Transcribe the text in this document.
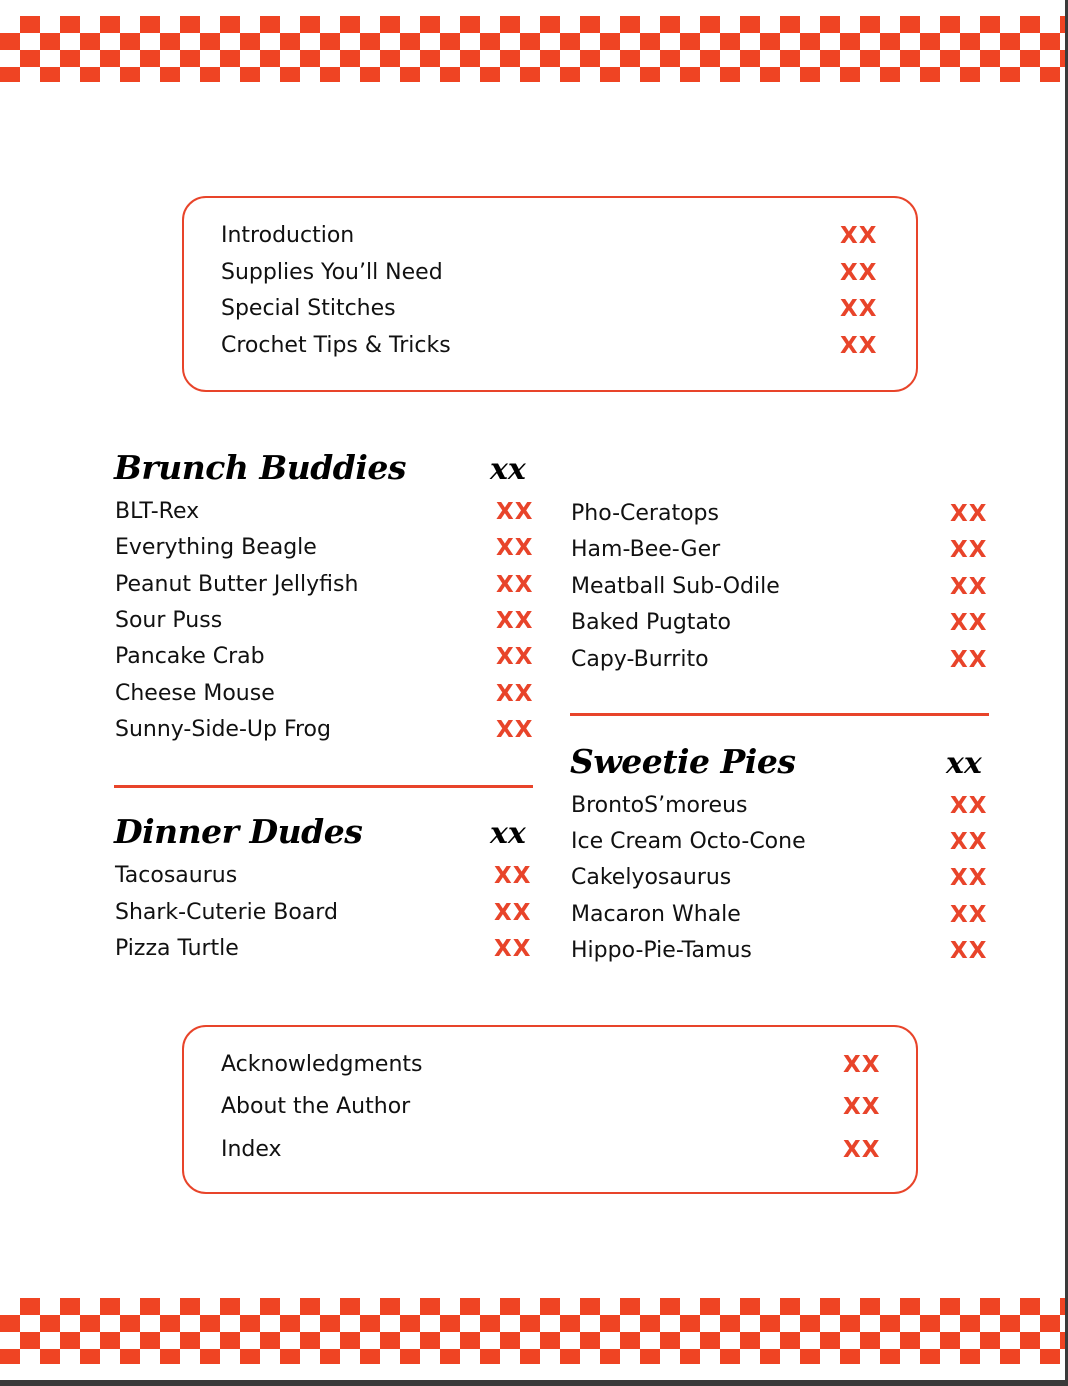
Introduction	XX
Supplies You’ll Need	XX
Special Stitches	XX
Crochet Tips & Tricks	XX
Brunch Buddies	xx
BLT-Rex	XX
Everything Beagle	XX
Peanut Butter Jellyfish	XX
Sour Puss	XX
Pancake Crab	XX
Cheese Mouse	XX
Sunny-Side-Up Frog	XX
Dinner Dudes	xx
Tacosaurus	XX
Shark-Cuterie Board	XX
Pizza Turtle	XX
Pho-Ceratops	XX
Ham-Bee-Ger	XX
Meatball Sub-Odile	XX
Baked Pugtato	XX
Capy-Burrito	XX
Sweetie Pies	xx
BrontoS’moreus	XX
Ice Cream Octo-Cone	XX
Cakelyosaurus	XX
Macaron Whale	XX
Hippo-Pie-Tamus	XX
Acknowledgments	XX
About the Author	XX
Index	XX
